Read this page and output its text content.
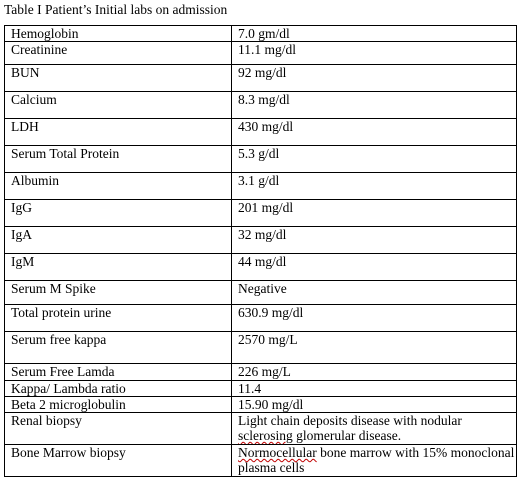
Table I Patient’s Initial labs on admission
Hemoglobin	7.0 gm/dl
Creatinine	11.1 mg/dl
BUN	92 mg/dl
Calcium	8.3 mg/dl
LDH	430 mg/dl
Serum Total Protein	5.3 g/dl
Albumin	3.1 g/dl
IgG	201 mg/dl
IgA	32 mg/dl
IgM	44 mg/dl
Serum M Spike	Negative
Total protein urine	630.9 mg/dl
Serum free kappa	2570 mg/L
Serum Free Lamda	226 mg/L
Kappa/ Lambda ratio	11.4
Beta 2 microglobulin	15.90 mg/dl
Renal biopsy	Light chain deposits disease with nodular sclerosing glomerular disease.
Bone Marrow biopsy	Normocellular bone marrow with 15% monoclonal plasma cells
